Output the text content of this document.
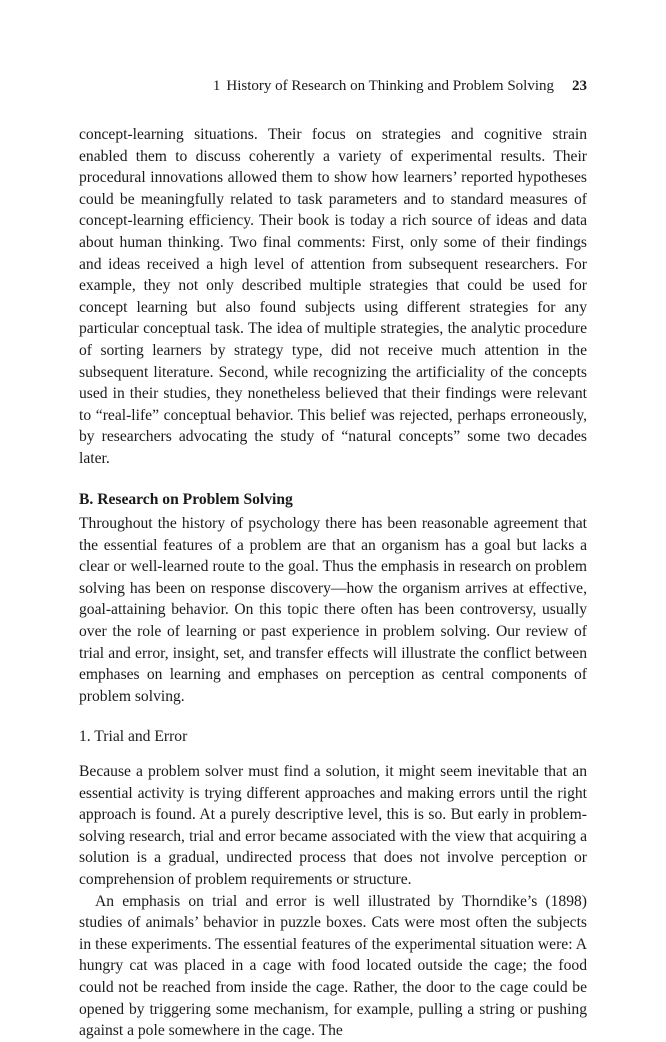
1 History of Research on Thinking and Problem Solving 23

concept-learning situations. Their focus on strategies and cognitive strain enabled them to discuss coherently a variety of experimental results. Their procedural innovations allowed them to show how learners’ reported hypotheses could be meaningfully related to task parameters and to standard measures of concept-learning efficiency. Their book is today a rich source of ideas and data about human thinking. Two final comments: First, only some of their findings and ideas received a high level of attention from subsequent researchers. For example, they not only described multiple strategies that could be used for concept learning but also found subjects using different strategies for any particular conceptual task. The idea of multiple strategies, the analytic procedure of sorting learners by strategy type, did not receive much attention in the subsequent literature. Second, while recognizing the artificiality of the concepts used in their studies, they nonetheless believed that their findings were relevant to “real-life” conceptual behavior. This belief was rejected, perhaps erroneously, by researchers advocating the study of “natural concepts” some two decades later.

B. Research on Problem Solving

Throughout the history of psychology there has been reasonable agreement that the essential features of a problem are that an organism has a goal but lacks a clear or well-learned route to the goal. Thus the emphasis in research on problem solving has been on response discovery—how the organism arrives at effective, goal-attaining behavior. On this topic there often has been controversy, usually over the role of learning or past experience in problem solving. Our review of trial and error, insight, set, and transfer effects will illustrate the conflict between emphases on learning and emphases on perception as central components of problem solving.

1. Trial and Error

Because a problem solver must find a solution, it might seem inevitable that an essential activity is trying different approaches and making errors until the right approach is found. At a purely descriptive level, this is so. But early in problem-solving research, trial and error became associated with the view that acquiring a solution is a gradual, undirected process that does not involve perception or comprehension of problem requirements or structure.

An emphasis on trial and error is well illustrated by Thorndike’s (1898) studies of animals’ behavior in puzzle boxes. Cats were most often the subjects in these experiments. The essential features of the experimental situation were: A hungry cat was placed in a cage with food located outside the cage; the food could not be reached from inside the cage. Rather, the door to the cage could be opened by triggering some mechanism, for example, pulling a string or pushing against a pole somewhere in the cage. The
